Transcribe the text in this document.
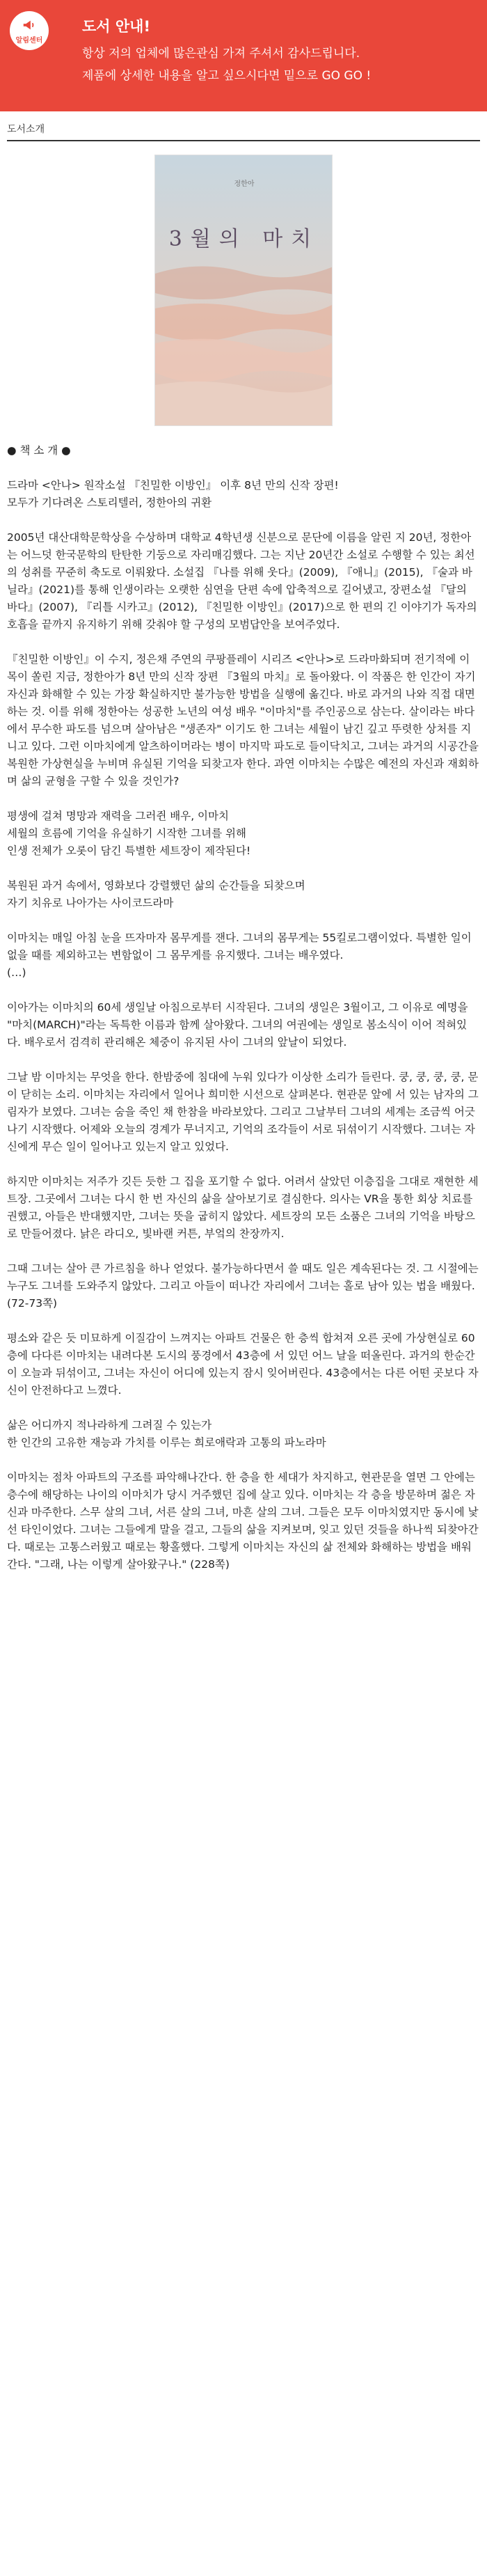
알림센터
도서 안내!
항상 저의 업체에 많은관심 가져 주셔서 감사드립니다.
제품에 상세한 내용을 알고 싶으시다면 밑으로 GO GO !
도서소개
3월의 마치
정한아

● 책 소 개 ●

드라마 <안나> 원작소설 『친밀한 이방인』 이후 8년 만의 신작 장편!
모두가 기다려온 스토리텔러, 정한아의 귀환

2005년 대산대학문학상을 수상하며 대학교 4학년생 신분으로 문단에 이름을 알린 지 20년, 정한아는 어느덧 한국문학의 탄탄한 기둥으로 자리매김했다. 그는 지난 20년간 소설로 수행할 수 있는 최선의 성취를 꾸준히 축도로 이뤄왔다. 소설집 『나를 위해 웃다』(2009), 『애니』(2015), 『술과 바닐라』(2021)를 통해 인생이라는 오랫한 심연을 단편 속에 압축적으로 길어냈고, 장편소설 『달의 바다』(2007), 『리틀 시카고』(2012), 『친밀한 이방인』(2017)으로 한 편의 긴 이야기가 독자의 호흡을 끝까지 유지하기 위해 갖춰야 할 구성의 모범답안을 보여주었다.

『친밀한 이방인』이 수지, 정은채 주연의 쿠팡플레이 시리즈 <안나>로 드라마화되며 전기적에 이목이 쏠린 지금, 정한아가 8년 만의 신작 장편 『3월의 마치』로 돌아왔다. 이 작품은 한 인간이 자기 자신과 화해할 수 있는 가장 확실하지만 불가능한 방법을 실행에 옮긴다. 바로 과거의 나와 직접 대면하는 것. 이를 위해 정한아는 성공한 노년의 여성 배우 "이마치"를 주인공으로 삼는다. 살이라는 바다에서 무수한 파도를 넘으며 살아남은 "생존자" 이기도 한 그녀는 세월이 남긴 깊고 뚜렷한 상처를 지니고 있다. 그런 이마치에게 알츠하이머라는 병이 마지막 파도로 들이닥치고, 그녀는 과거의 시공간을 복원한 가상현실을 누비며 유실된 기억을 되찾고자 한다. 과연 이마치는 수많은 예전의 자신과 재회하며 삶의 균형을 구할 수 있을 것인가?

평생에 걸쳐 명망과 재력을 그러쥔 배우, 이마치
세월의 흐름에 기억을 유실하기 시작한 그녀를 위해
인생 전체가 오롯이 담긴 특별한 세트장이 제작된다!

복원된 과거 속에서, 영화보다 강렬했던 삶의 순간들을 되찾으며
자기 치유로 나아가는 사이코드라마

이마치는 매일 아침 눈을 뜨자마자 몸무게를 잰다. 그녀의 몸무게는 55킬로그램이었다. 특별한 일이 없을 때를 제외하고는 변함없이 그 몸무게를 유지했다. 그녀는 배우였다.
(…)

이아가는 이마치의 60세 생일날 아침으로부터 시작된다. 그녀의 생일은 3월이고, 그 이유로 예명을 "마치(MARCH)"라는 독특한 이름과 함께 살아왔다. 그녀의 여권에는 생일로 봄소식이 이어 적혀있다. 배우로서 검격히 관리해온 체중이 유지된 사이 그녀의 앞날이 되었다.

그날 밤 이마치는 무엇을 한다. 한밤중에 침대에 누워 있다가 이상한 소리가 들린다. 쿵, 쿵, 쿵, 쿵, 문이 닫히는 소리. 이마치는 자리에서 일어나 희미한 시선으로 살펴본다. 현관문 앞에 서 있는 남자의 그림자가 보였다. 그녀는 숨을 죽인 채 한참을 바라보았다. 그리고 그날부터 그녀의 세계는 조금씩 어긋나기 시작했다. 어제와 오늘의 경계가 무너지고, 기억의 조각들이 서로 뒤섞이기 시작했다. 그녀는 자신에게 무슨 일이 일어나고 있는지 알고 있었다.

하지만 이마치는 저주가 깃든 듯한 그 집을 포기할 수 없다. 어려서 살았던 이층집을 그대로 재현한 세트장. 그곳에서 그녀는 다시 한 번 자신의 삶을 살아보기로 결심한다. 의사는 VR을 통한 회상 치료를 권했고, 아들은 반대했지만, 그녀는 뜻을 굽히지 않았다. 세트장의 모든 소품은 그녀의 기억을 바탕으로 만들어졌다. 낡은 라디오, 빛바랜 커튼, 부엌의 찬장까지.

그때 그녀는 살아 큰 가르침을 하나 얻었다. 불가능하다면서 쓸 때도 일은 계속된다는 것. 그 시절에는 누구도 그녀를 도와주지 않았다. 그리고 아들이 떠나간 자리에서 그녀는 홀로 남아 있는 법을 배웠다. (72-73쪽)

평소와 같은 듯 미묘하게 이질감이 느껴지는 아파트 건물은 한 층씩 합쳐져 오른 곳에 가상현실로 60층에 다다른 이마치는 내려다본 도시의 풍경에서 43층에 서 있던 어느 날을 떠올린다. 과거의 한순간이 오늘과 뒤섞이고, 그녀는 자신이 어디에 있는지 잠시 잊어버린다. 43층에서는 다른 어떤 곳보다 자신이 안전하다고 느꼈다.

삶은 어디까지 적나라하게 그려질 수 있는가
한 인간의 고유한 재능과 가치를 이루는 희로애락과 고통의 파노라마

이마치는 점차 아파트의 구조를 파악해나간다. 한 층을 한 세대가 차지하고, 현관문을 열면 그 안에는 층수에 해당하는 나이의 이마치가 당시 거주했던 집에 살고 있다. 이마치는 각 층을 방문하며 젊은 자신과 마주한다. 스무 살의 그녀, 서른 살의 그녀, 마흔 살의 그녀. 그들은 모두 이마치였지만 동시에 낯선 타인이었다. 그녀는 그들에게 말을 걸고, 그들의 삶을 지켜보며, 잊고 있던 것들을 하나씩 되찾아간다. 때로는 고통스러웠고 때로는 황홀했다. 그렇게 이마치는 자신의 삶 전체와 화해하는 방법을 배워간다. "그래, 나는 이렇게 살아왔구나." (228쪽)
